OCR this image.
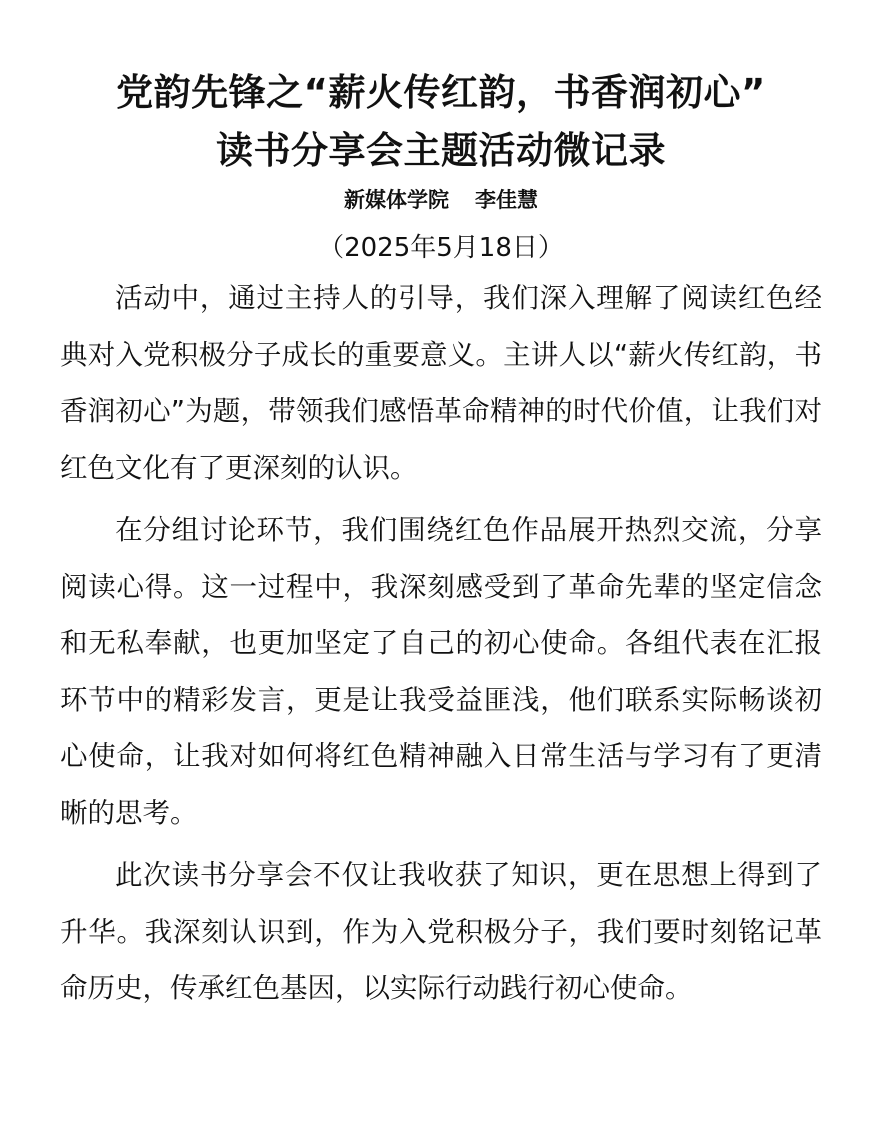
党韵先锋之“薪火传红韵，书香润初心”
读书分享会主题活动微记录
新媒体学院 李佳慧
（2025年5月18日）

活动中，通过主持人的引导，我们深入理解了阅读红色经典对入党积极分子成长的重要意义。主讲人以“薪火传红韵，书香润初心”为题，带领我们感悟革命精神的时代价值，让我们对红色文化有了更深刻的认识。

在分组讨论环节，我们围绕红色作品展开热烈交流，分享阅读心得。这一过程中，我深刻感受到了革命先辈的坚定信念和无私奉献，也更加坚定了自己的初心使命。各组代表在汇报环节中的精彩发言，更是让我受益匪浅，他们联系实际畅谈初心使命，让我对如何将红色精神融入日常生活与学习有了更清晰的思考。

此次读书分享会不仅让我收获了知识，更在思想上得到了升华。我深刻认识到，作为入党积极分子，我们要时刻铭记革命历史，传承红色基因，以实际行动践行初心使命。
